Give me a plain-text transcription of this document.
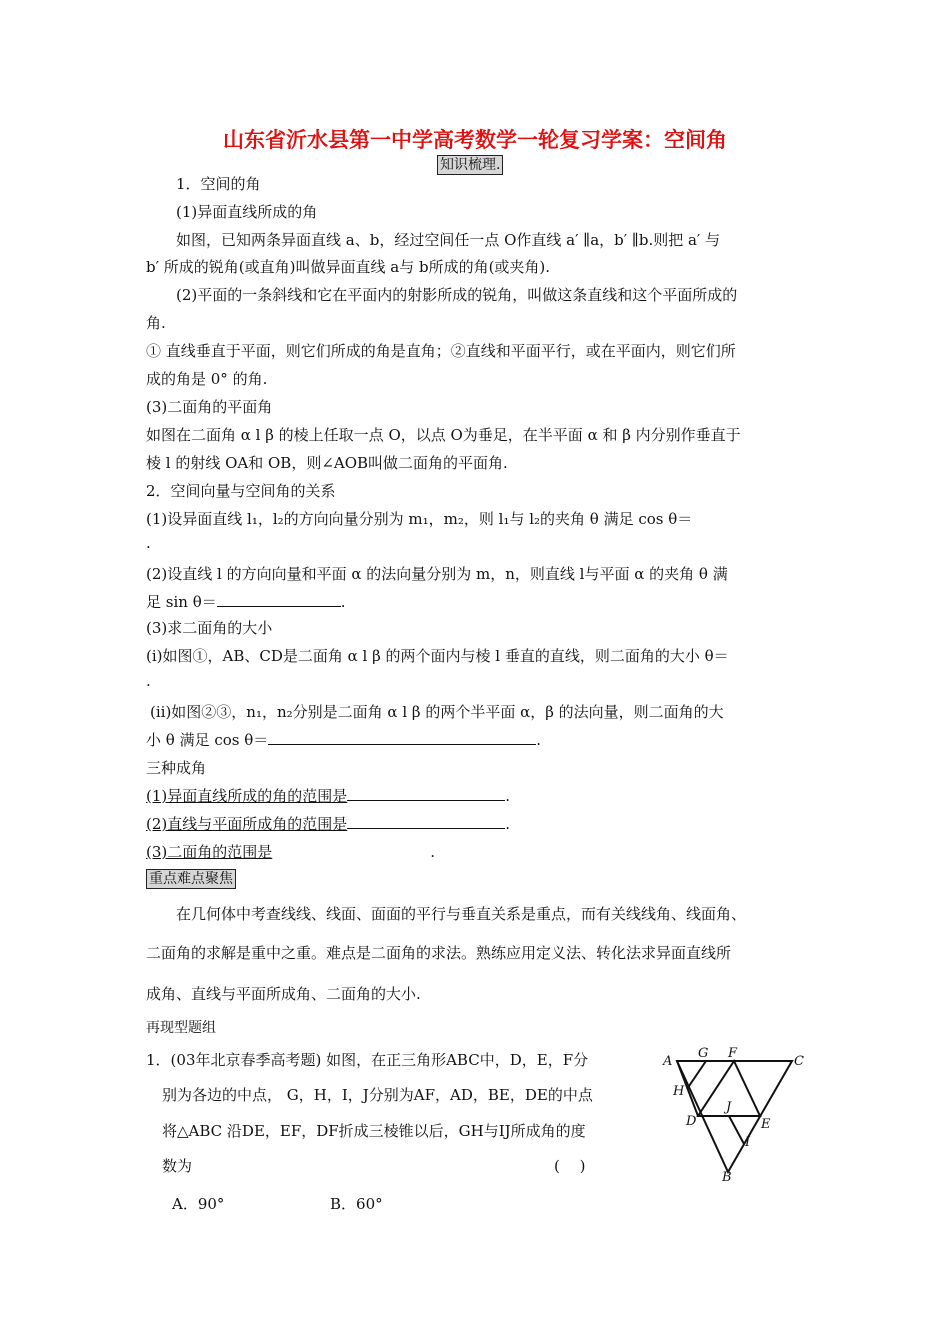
山东省沂水县第一中学高考数学一轮复习学案：空间角
知识梳理.
1．空间的角
(1)异面直线所成的角
如图，已知两条异面直线 a、b，经过空间任一点 O作直线 a′ ∥a，b′ ∥b.则把 a′ 与
b′ 所成的锐角(或直角)叫做异面直线 a与 b所成的角(或夹角).
(2)平面的一条斜线和它在平面内的射影所成的锐角，叫做这条直线和这个平面所成的
角.
① 直线垂直于平面，则它们所成的角是直角；②直线和平面平行，或在平面内，则它们所
成的角是 0° 的角.
(3)二面角的平面角
如图在二面角 α l β 的棱上任取一点 O，以点 O为垂足，在半平面 α 和 β 内分别作垂直于
棱 l 的射线 OA和 OB，则∠AOB叫做二面角的平面角.
2．空间向量与空间角的关系
(1)设异面直线 l₁，l₂的方向向量分别为 m₁，m₂，则 l₁与 l₂的夹角 θ 满足 cos θ＝
.
(2)设直线 l 的方向向量和平面 α 的法向量分别为 m，n，则直线 l与平面 α 的夹角 θ 满
足 sin θ＝	.
(3)求二面角的大小
(ⅰ)如图①，AB、CD是二面角 α l β 的两个面内与棱 l 垂直的直线，则二面角的大小 θ＝
.
(ⅱ)如图②③，n₁，n₂分别是二面角 α l β 的两个半平面 α，β 的法向量，则二面角的大
小 θ 满足 cos θ＝	.
三种成角
(1)异面直线所成的角的范围是	.
(2)直线与平面所成角的范围是	.
(3)二面角的范围是	.
重点难点聚焦
在几何体中考查线线、线面、面面的平行与垂直关系是重点，而有关线线角、线面角、
二面角的求解是重中之重。难点是二面角的求法。熟练应用定义法、转化法求异面直线所
成角、直线与平面所成角、二面角的大小.
再现型题组
1．(03年北京春季高考题) 如图，在正三角形ABC中，D，E，F分
别为各边的中点， G，H，I，J分别为AF，AD，BE，DE的中点
将△ABC 沿DE，EF，DF折成三棱锥以后，GH与IJ所成角的度
数为	(　 )
A．90°	B．60°
A
G F
C
H
D
J
E
I
B
